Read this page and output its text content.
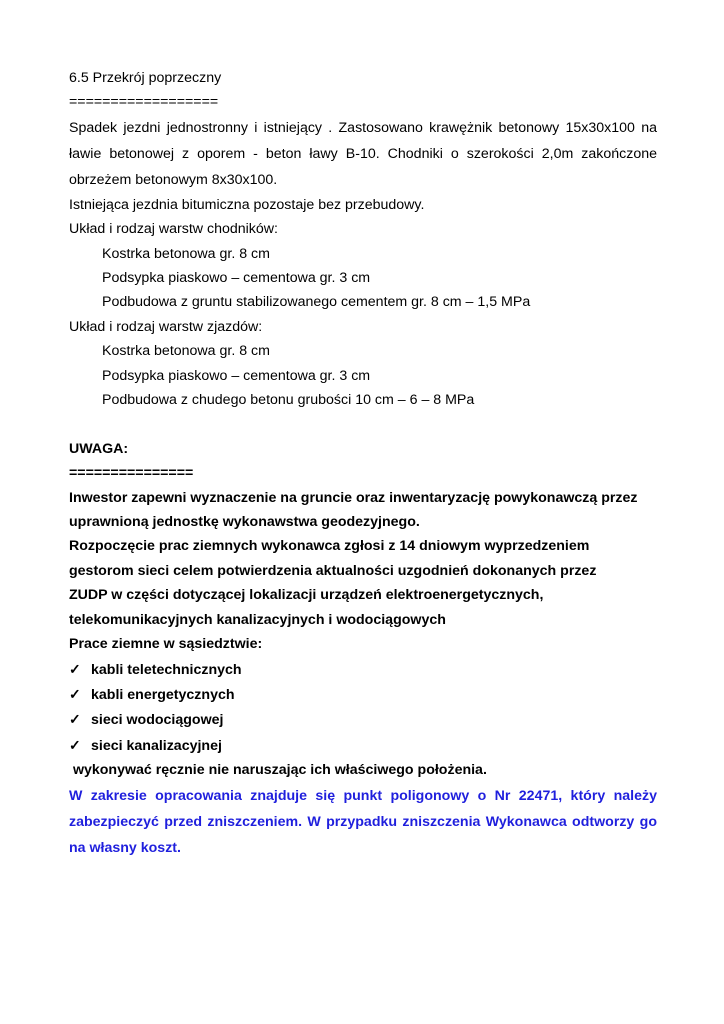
6.5 Przekrój poprzeczny
==================
Spadek jezdni jednostronny i istniejący . Zastosowano krawężnik betonowy 15x30x100 na ławie betonowej z oporem - beton ławy B-10. Chodniki o szerokości 2,0m zakończone obrzeżem betonowym 8x30x100.
Istniejąca jezdnia bitumiczna pozostaje bez przebudowy.
Układ i rodzaj warstw chodników:
Kostrka betonowa gr. 8 cm
Podsypka piaskowo – cementowa gr. 3 cm
Podbudowa z gruntu stabilizowanego cementem gr. 8 cm – 1,5 MPa
Układ i rodzaj warstw zjazdów:
Kostrka betonowa gr. 8 cm
Podsypka piaskowo – cementowa gr. 3 cm
Podbudowa z chudego betonu grubości 10 cm – 6 – 8 MPa
UWAGA:
===============
Inwestor zapewni wyznaczenie na gruncie oraz inwentaryzację powykonawczą przez
uprawnioną jednostkę wykonawstwa geodezyjnego.
Rozpoczęcie prac ziemnych wykonawca zgłosi z 14 dniowym wyprzedzeniem
gestorom sieci celem potwierdzenia aktualności uzgodnień dokonanych przez
ZUDP w części dotyczącej lokalizacji urządzeń elektroenergetycznych,
telekomunikacyjnych kanalizacyjnych i wodociągowych
Prace ziemne w sąsiedztwie:
✓ kabli teletechnicznych
✓ kabli energetycznych
✓ sieci wodociągowej
✓ sieci kanalizacyjnej
wykonywać ręcznie nie naruszając ich właściwego położenia.
W zakresie opracowania znajduje się punkt poligonowy o Nr 22471, który należy zabezpieczyć przed zniszczeniem. W przypadku zniszczenia Wykonawca odtworzy go na własny koszt.
